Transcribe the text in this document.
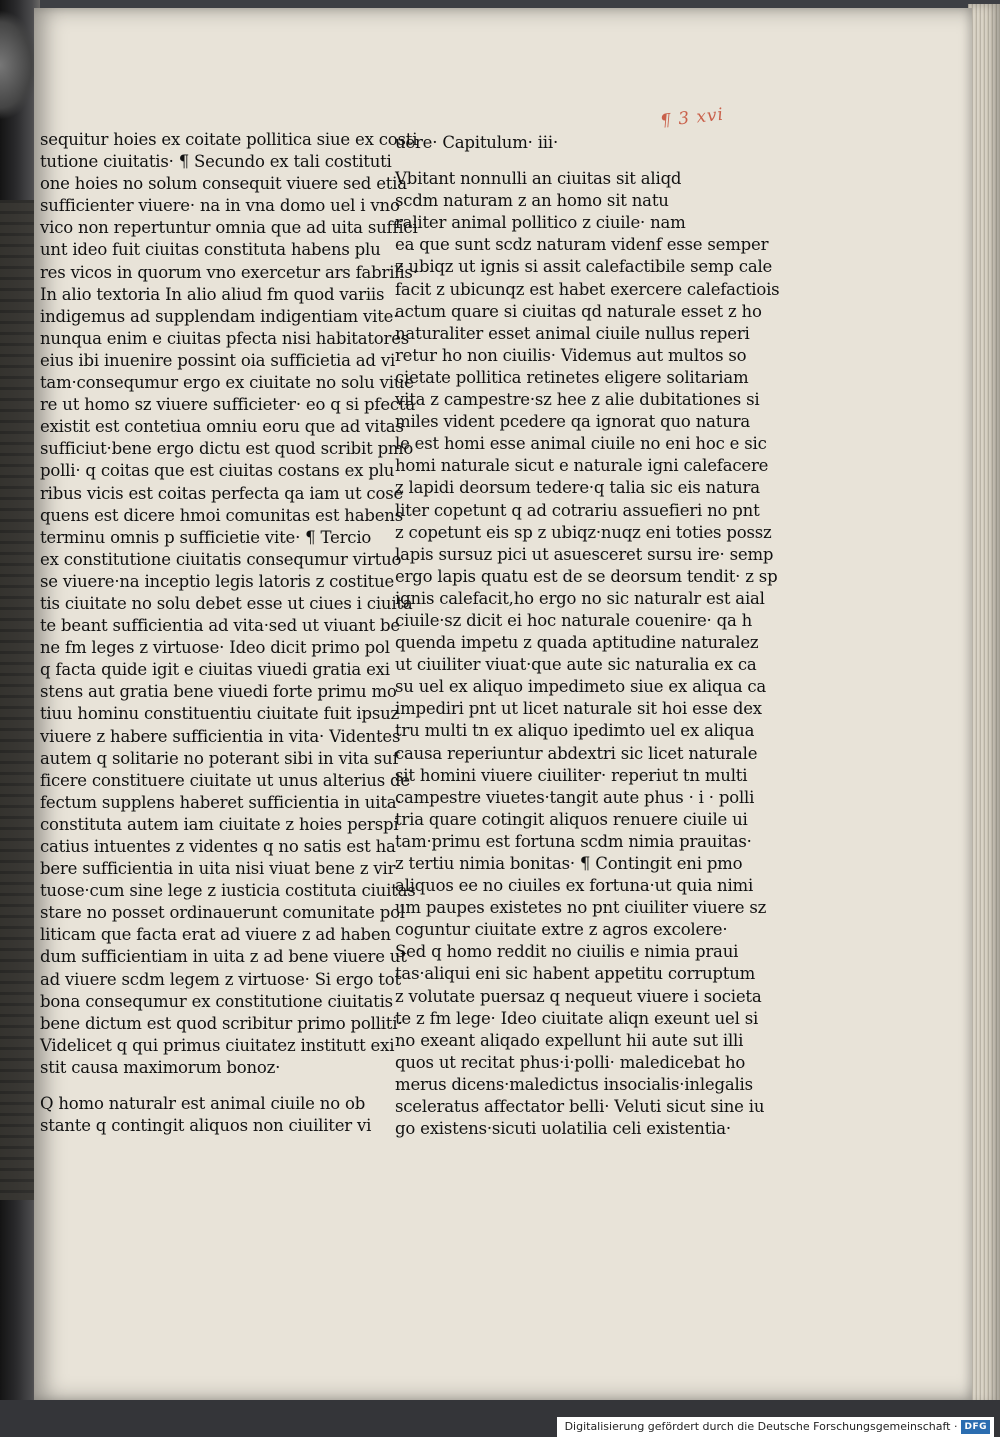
¶ 3 xvi
sequitur hoies ex coitate pollitica siue ex costi
tutione ciuitatis· ¶ Secundo ex tali costituti
one hoies no solum consequit viuere sed etia
sufficienter viuere· na in vna domo uel i vno
vico non repertuntur omnia que ad uita suffici
unt ideo fuit ciuitas constituta habens plu
res vicos in quorum vno exercetur ars fabrilis·
In alio textoria In alio aliud fm quod variis
indigemus ad supplendam indigentiam vite·
nunqua enim e ciuitas pfecta nisi habitatores
eius ibi inuenire possint oia sufficietia ad vi
tam·consequmur ergo ex ciuitate no solu viue
re ut homo sz viuere sufficieter· eo q si pfecta
existit est contetiua omniu eoru que ad vitas
sufficiut·bene ergo dictu est quod scribit pmo
polli· q coitas que est ciuitas costans ex plu
ribus vicis est coitas perfecta qa iam ut cose
quens est dicere hmoi comunitas est habens
terminu omnis p sufficietie vite· ¶ Tercio
ex constitutione ciuitatis consequmur virtuo
se viuere·na inceptio legis latoris z costitue
tis ciuitate no solu debet esse ut ciues i ciuita
te beant sufficientia ad vita·sed ut viuant be
ne fm leges z virtuose· Ideo dicit primo pol
q facta quide igit e ciuitas viuedi gratia exi
stens aut gratia bene viuedi forte primu mo
tiuu hominu constituentiu ciuitate fuit ipsuz
viuere z habere sufficientia in vita· Videntes
autem q solitarie no poterant sibi in vita suf
ficere constituere ciuitate ut unus alterius de
fectum supplens haberet sufficientia in uita·
constituta autem iam ciuitate z hoies perspi
catius intuentes z videntes q no satis est ha
bere sufficientia in uita nisi viuat bene z vir
tuose·cum sine lege z iusticia costituta ciuitas
stare no posset ordinauerunt comunitate pol
liticam que facta erat ad viuere z ad haben
dum sufficientiam in uita z ad bene viuere ut
ad viuere scdm legem z virtuose· Si ergo tot
bona consequmur ex constitutione ciuitatis
bene dictum est quod scribitur primo polliti·
Videlicet q qui primus ciuitatez institutt exi
stit causa maximorum bonoz·
Q homo naturalr est animal ciuile no ob
stante q contingit aliquos non ciuiliter vi
uere· Capitulum· iii·
Vbitant nonnulli an ciuitas sit aliqd
scdm naturam z an homo sit natu
raliter animal pollitico z ciuile· nam
ea que sunt scdz naturam videnf esse semper
z ubiqz ut ignis si assit calefactibile semp cale
facit z ubicunqz est habet exercere calefactiois
actum quare si ciuitas qd naturale esset z ho
naturaliter esset animal ciuile nullus reperi
retur ho non ciuilis· Videmus aut multos so
cietate pollitica retinetes eligere solitariam
vita z campestre·sz hee z alie dubitationes si
miles vident pcedere qa ignorat quo natura
le est homi esse animal ciuile no eni hoc e sic
homi naturale sicut e naturale igni calefacere
z lapidi deorsum tedere·q talia sic eis natura
liter copetunt q ad cotrariu assuefieri no pnt
z copetunt eis sp z ubiqz·nuqz eni toties possz
lapis sursuz pici ut asuesceret sursu ire· semp
ergo lapis quatu est de se deorsum tendit· z sp
ignis calefacit,ho ergo no sic naturalr est aial
ciuile·sz dicit ei hoc naturale couenire· qa h
quenda impetu z quada aptitudine naturalez
ut ciuiliter viuat·que aute sic naturalia ex ca
su uel ex aliquo impedimeto siue ex aliqua ca
impediri pnt ut licet naturale sit hoi esse dex
tru multi tn ex aliquo ipedimto uel ex aliqua
causa reperiuntur abdextri sic licet naturale
sit homini viuere ciuiliter· reperiut tn multi
campestre viuetes·tangit aute phus · i · polli
tria quare cotingit aliquos renuere ciuile ui
tam·primu est fortuna scdm nimia prauitas·
z tertiu nimia bonitas· ¶ Contingit eni pmo
aliquos ee no ciuiles ex fortuna·ut quia nimi
um paupes existetes no pnt ciuiliter viuere sz
coguntur ciuitate extre z agros excolere·
Sed q homo reddit no ciuilis e nimia praui
tas·aliqui eni sic habent appetitu corruptum
z volutate puersaz q nequeut viuere i societa
te z fm lege· Ideo ciuitate aliqn exeunt uel si
no exeant aliqado expellunt hii aute sut illi
quos ut recitat phus·i·polli· maledicebat ho
merus dicens·maledictus insocialis·inlegalis
sceleratus affectator belli· Veluti sicut sine iu
go existens·sicuti uolatilia celi existentia·
Digitalisierung gefördert durch die Deutsche Forschungsgemeinschaft · DFG
